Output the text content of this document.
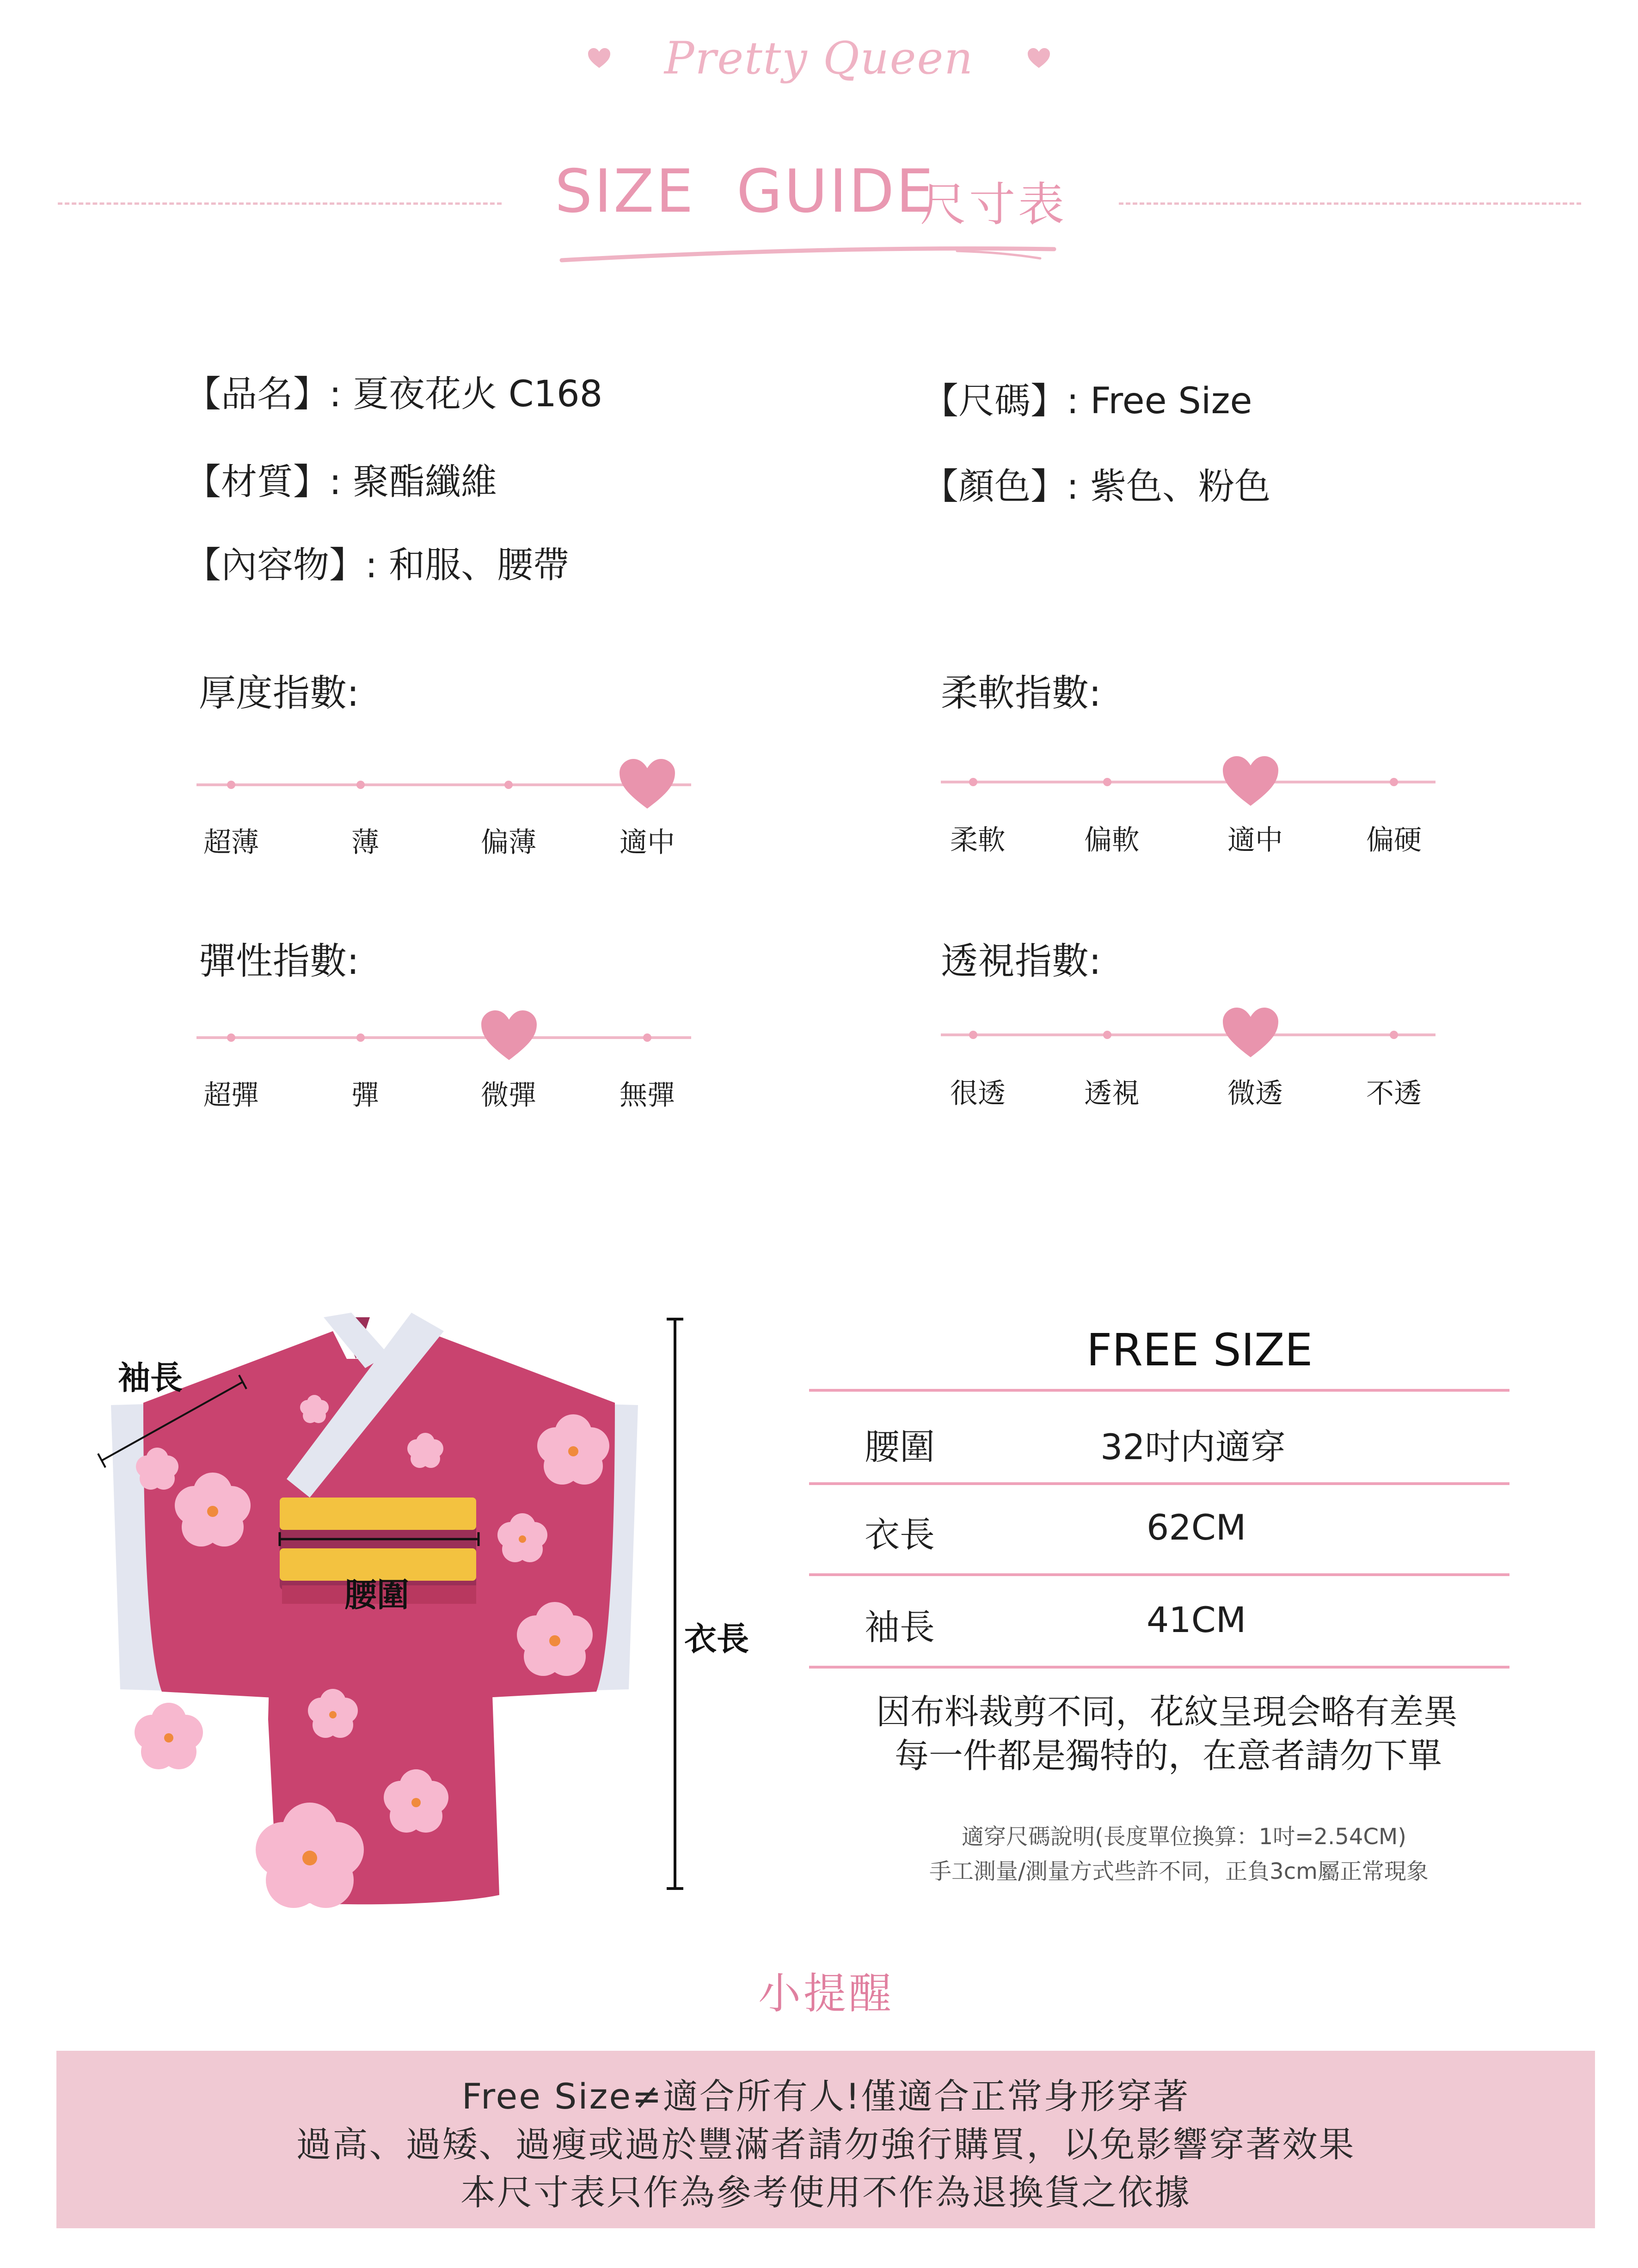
Pretty Queen
SIZE  GUIDE
尺寸表
【品名】: 夏夜花火 C168	【尺碼】: Free Size
【材質】: 聚酯纖維	【顏色】: 紫色、粉色
【內容物】: 和服、腰帶
厚度指數:
超薄	薄	偏薄	適中
柔軟指數:
柔軟	偏軟	適中	偏硬
彈性指數:
超彈	彈	微彈	無彈
透視指數:
很透	透視	微透	不透
袖長
腰圍
衣長
FREE SIZE
腰圍	32吋内適穿
衣長	62CM
袖長	41CM
因布料裁剪不同，花紋呈現会略有差異
每一件都是獨特的，在意者請勿下單
適穿尺碼說明(長度單位換算：1吋=2.54CM)
手工測量/測量方式些許不同，正負3cm屬正常現象
小提醒
Free Size≠適合所有人!僅適合正常身形穿著
過高、過矮、過瘦或過於豐滿者請勿強行購買，以免影響穿著效果
本尺寸表只作為參考使用不作為退換貨之依據
